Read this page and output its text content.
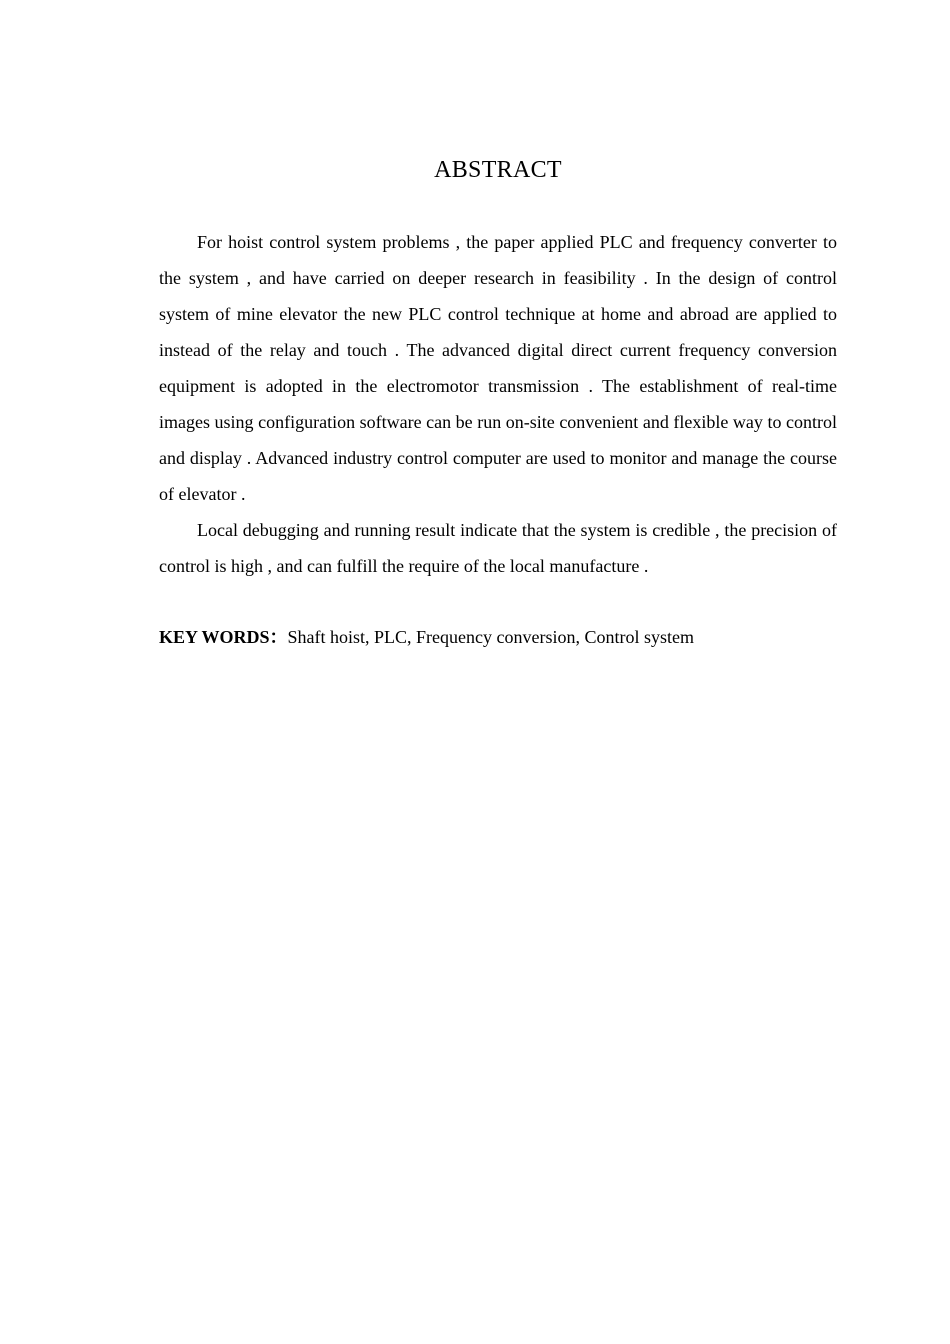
ABSTRACT

For hoist control system problems , the paper applied PLC and frequency converter to the system , and have carried on deeper research in feasibility . In the design of control system of mine elevator the new PLC control technique at home and abroad are applied to instead of the relay and touch . The advanced digital direct current frequency conversion equipment is adopted in the electromotor transmission . The establishment of real-time images using configuration software can be run on-site convenient and flexible way to control and display . Advanced industry control computer are used to monitor and manage the course of elevator .

Local debugging and running result indicate that the system is credible , the precision of control is high , and can fulfill the require of the local manufacture .

KEY WORDS：Shaft hoist, PLC, Frequency conversion, Control system
